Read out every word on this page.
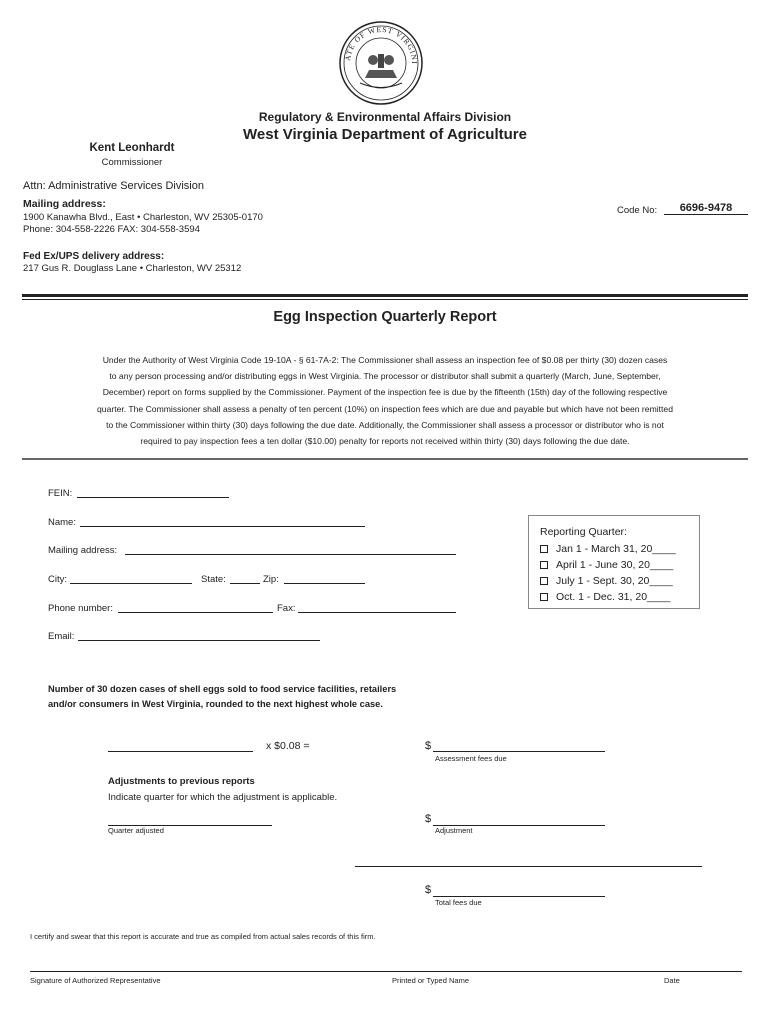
ATE OF WEST VIRGINI
Regulatory & Environmental Affairs Division
West Virginia Department of Agriculture
Kent Leonhardt
Commissioner
Attn: Administrative Services Division
Mailing address:
1900 Kanawha Blvd., East • Charleston, WV 25305-0170
Phone: 304-558-2226 FAX: 304-558-3594
Fed Ex/UPS delivery address:
217 Gus R. Douglass Lane • Charleston, WV 25312
Code No:	6696-9478
Egg Inspection Quarterly Report
Under the Authority of West Virginia Code 19-10A - § 61-7A-2: The Commissioner shall assess an inspection fee of $0.08 per thirty (30) dozen cases
to any person processing and/or distributing eggs in West Virginia. The processor or distributor shall submit a quarterly (March, June, September,
December) report on forms supplied by the Commissioner. Payment of the inspection fee is due by the fifteenth (15th) day of the following respective
quarter. The Commissioner shall assess a penalty of ten percent (10%) on inspection fees which are due and payable but which have not been remitted
to the Commissioner within thirty (30) days following the due date. Additionally, the Commissioner shall assess a processor or distributor who is not
required to pay inspection fees a ten dollar ($10.00) penalty for reports not received within thirty (30) days following the due date.
FEIN:
Name:
Mailing address:
City:	State:	Zip:
Phone number:	Fax:
Email:
Reporting Quarter:
Jan 1 - March 31, 20____
April 1 - June 30, 20____
July 1 - Sept. 30, 20____
Oct. 1 - Dec. 31, 20____
Number of 30 dozen cases of shell eggs sold to food service facilities, retailers
and/or consumers in West Virginia, rounded to the next highest whole case.
x $0.08 =	$
Assessment fees due
Adjustments to previous reports
Indicate quarter for which the adjustment is applicable.
Quarter adjusted
$
Adjustment
$
Total fees due
I certify and swear that this report is accurate and true as compiled from actual sales records of this firm.
Signature of Authorized Representative	Printed or Typed Name	Date
